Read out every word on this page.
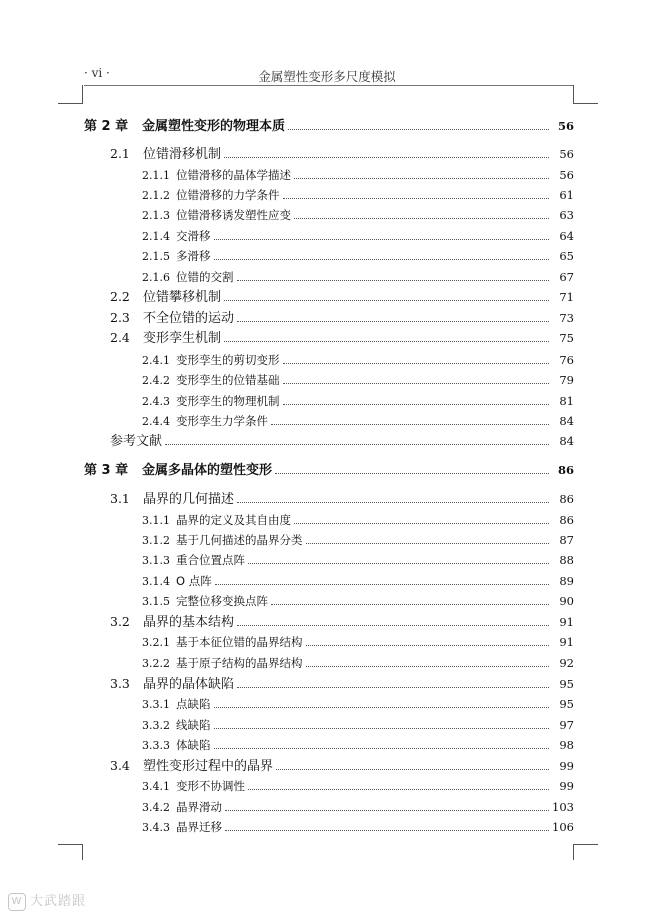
· vi ·	金属塑性变形多尺度模拟
第 2 章	金属塑性变形的物理本质	56
2.1	位错滑移机制	56
2.1.1 位错滑移的晶体学描述	56
2.1.2 位错滑移的力学条件	61
2.1.3 位错滑移诱发塑性应变	63
2.1.4 交滑移	64
2.1.5 多滑移	65
2.1.6 位错的交割	67
2.2	位错攀移机制	71
2.3	不全位错的运动	73
2.4	变形孪生机制	75
2.4.1 变形孪生的剪切变形	76
2.4.2 变形孪生的位错基础	79
2.4.3 变形孪生的物理机制	81
2.4.4 变形孪生力学条件	84
参考文献	84
第 3 章	金属多晶体的塑性变形	86
3.1	晶界的几何描述	86
3.1.1 晶界的定义及其自由度	86
3.1.2 基于几何描述的晶界分类	87
3.1.3 重合位置点阵	88
3.1.4 O 点阵	89
3.1.5 完整位移变换点阵	90
3.2	晶界的基本结构	91
3.2.1 基于本征位错的晶界结构	91
3.2.2 基于原子结构的晶界结构	92
3.3	晶界的晶体缺陷	95
3.3.1 点缺陷	95
3.3.2 线缺陷	97
3.3.3 体缺陷	98
3.4	塑性变形过程中的晶界	99
3.4.1 变形不协调性	99
3.4.2 晶界滑动	103
3.4.3 晶界迁移	106
W 大武踏跟
